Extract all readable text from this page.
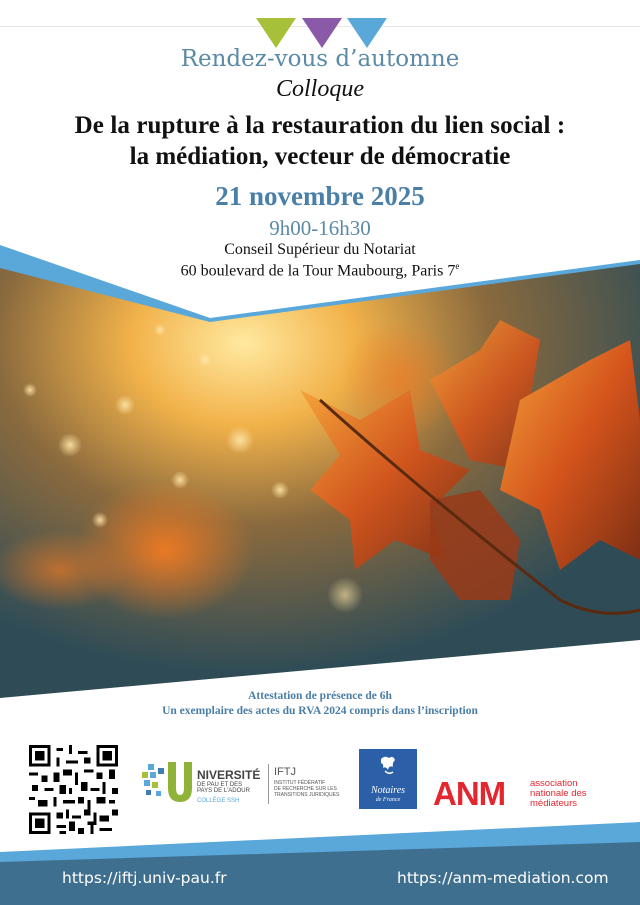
Rendez-vous d’automne
Colloque
De la rupture à la restauration du lien social :
la médiation, vecteur de démocratie
21 novembre 2025
9h00-16h30
Conseil Supérieur du Notariat
60 boulevard de la Tour Maubourg, Paris 7e
Attestation de présence de 6h
Un exemplaire des actes du RVA 2024 compris dans l’inscription
NIVERSITÉ
DE PAU ET DES
PAYS DE L'ADOUR
COLLÈGE SSH
IFTJ
INSTITUT FÉDÉRATIF
DE RECHERCHE SUR LES
TRANSITIONS JURIDIQUES	Notaires
de France ANM	association
nationale des
médiateurs
https://iftj.univ-pau.fr	https://anm-mediation.com
